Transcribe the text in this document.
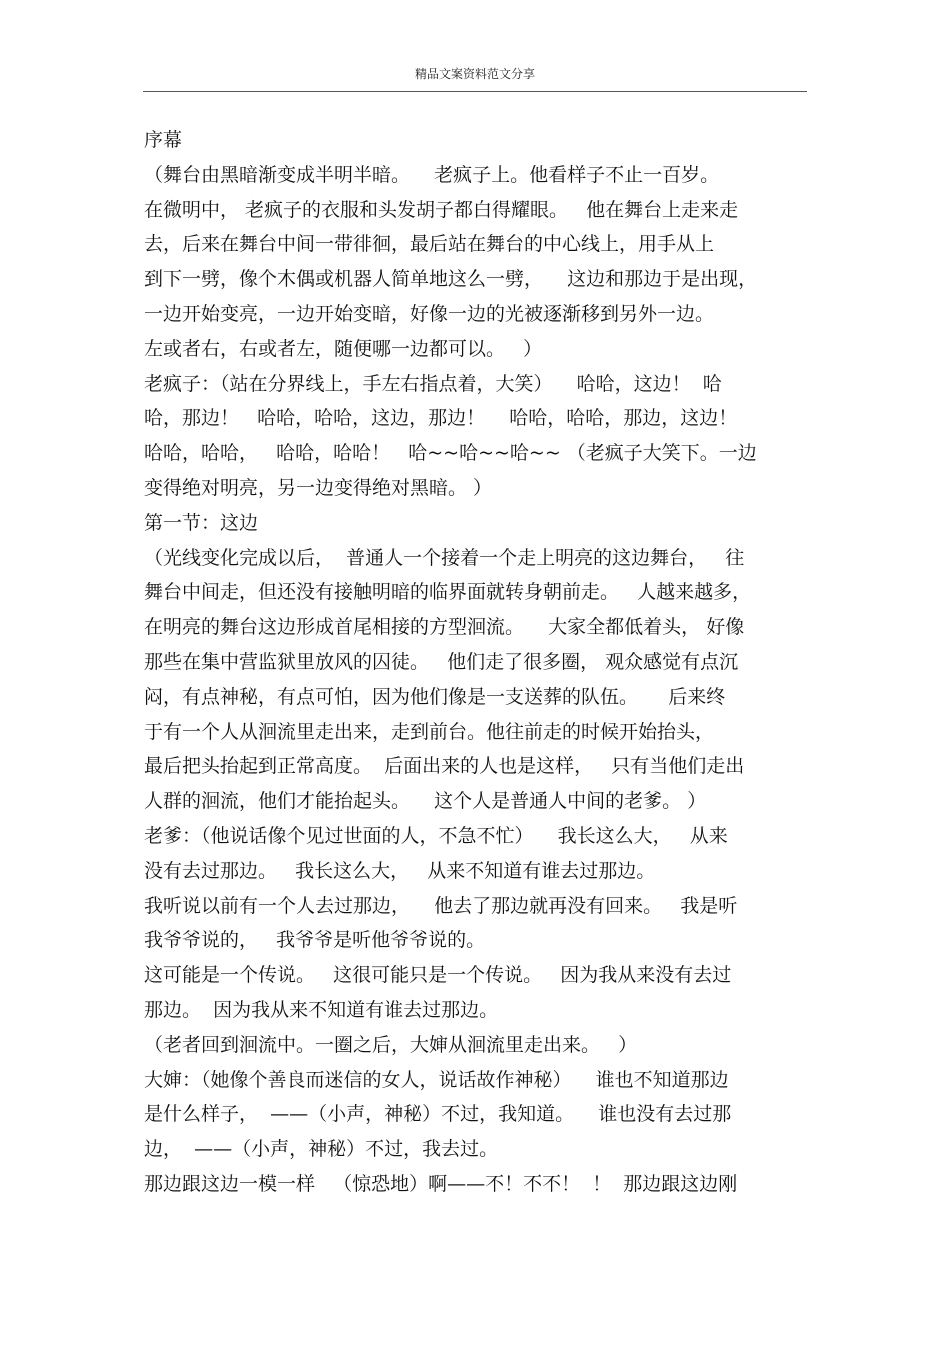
精品文案资料范文分享
序幕
（舞台由黑暗渐变成半明半暗。    老疯子上。他看样子不止一百岁。
在微明中， 老疯子的衣服和头发胡子都白得耀眼。   他在舞台上走来走
去，后来在舞台中间一带徘徊，最后站在舞台的中心线上，用手从上
到下一劈，像个木偶或机器人简单地这么一劈，    这边和那边于是出现，
一边开始变亮，一边开始变暗，好像一边的光被逐渐移到另外一边。
左或者右，右或者左，随便哪一边都可以。   ）
老疯子：（站在分界线上，手左右指点着，大笑）    哈哈，这边！  哈
哈，那边！   哈哈，哈哈，这边，那边！    哈哈，哈哈，那边，这边！
哈哈，哈哈，   哈哈，哈哈！   哈~~哈~~哈~~ （老疯子大笑下。一边
变得绝对明亮，另一边变得绝对黑暗。 ）
第一节：这边
（光线变化完成以后，  普通人一个接着一个走上明亮的这边舞台，   往
舞台中间走，但还没有接触明暗的临界面就转身朝前走。   人越来越多，
在明亮的舞台这边形成首尾相接的方型洄流。    大家全都低着头， 好像
那些在集中营监狱里放风的囚徒。   他们走了很多圈， 观众感觉有点沉
闷，有点神秘，有点可怕，因为他们像是一支送葬的队伍。     后来终
于有一个人从洄流里走出来，走到前台。他往前走的时候开始抬头，
最后把头抬起到正常高度。  后面出来的人也是这样，   只有当他们走出
人群的洄流，他们才能抬起头。    这个人是普通人中间的老爹。 ）
老爹：（他说话像个见过世面的人，不急不忙）    我长这么大，   从来
没有去过那边。   我长这么大，   从来不知道有谁去过那边。
我听说以前有一个人去过那边，    他去了那边就再没有回来。   我是听
我爷爷说的，   我爷爷是听他爷爷说的。
这可能是一个传说。   这很可能只是一个传说。   因为我从来没有去过
那边。  因为我从来不知道有谁去过那边。
（老者回到洄流中。一圈之后，大婶从洄流里走出来。   ）
大婶：（她像个善良而迷信的女人，说话故作神秘）    谁也不知道那边
是什么样子，  ——（小声，神秘）不过，我知道。    谁也没有去过那
边，  ——（小声，神秘）不过，我去过。
那边跟这边一模一样   （惊恐地）啊——不！不不！  ！  那边跟这边刚
